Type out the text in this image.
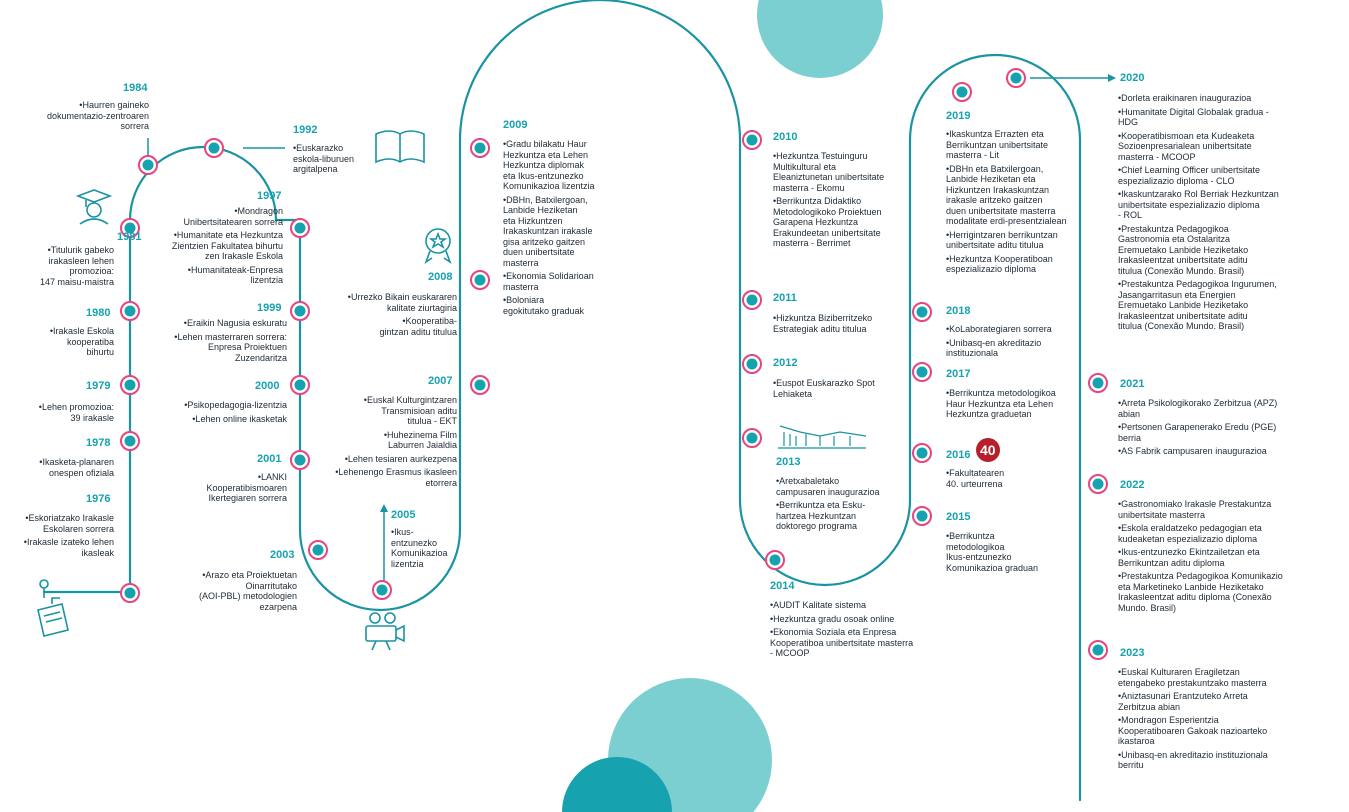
40
1984
•Haurren gaineko
dokumentazio-zentroaren
sorrera	1992
•Euskarazko
eskola-liburuen
argitalpena
1981
•Titulurik gabeko
irakasleen lehen
promozioa:
147 maisu-maistra
1997
•Mondragon
Unibertsitatearen sorrera
•Humanitate eta Hezkuntza
Zientzien Fakultatea bihurtu
zen Irakasle Eskola
•Humanitateak-Enpresa
lizentzia
1980
•Irakasle Eskola
kooperatiba
bihurtu
1999
•Eraikin Nagusia eskuratu
•Lehen masterraren sorrera:
Enpresa Proiektuen
Zuzendaritza
1979
•Lehen promozioa:
39 irakasle
2000
•Psikopedagogia-lizentzia
•Lehen online ikasketak
1978
•Ikasketa-planaren
onespen ofiziala
2001
•LANKI
Kooperatibismoaren
Ikertegiaren sorrera
1976
•Eskoriatzako Irakasle
Eskolaren sorrera
•Irakasle izateko lehen
ikasleak	2003
•Arazo eta Proiektuetan
Oinarritutako
(AOI-PBL) metodologien
ezarpena
2009
•Gradu bilakatu Haur
Hezkuntza eta Lehen
Hezkuntza diplomak
eta Ikus-entzunezko
Komunikazioa lizentzia
•DBHn, Batxilergoan,
Lanbide Heziketan
eta Hizkuntzen
Irakaskuntzan irakasle
gisa aritzeko gaitzen
duen unibertsitate
masterra
•Ekonomia Solidarioan
masterra
•Boloniara
egokitutako graduak
2008
•Urrezko Bikain euskararen
kalitate ziurtagiria
•Kooperatiba-
gintzan aditu titulua
2007
•Euskal Kulturgintzaren
Transmisioan aditu
titulua - EKT
•Huhezinema Film
Laburren Jaialdia
•Lehen tesiaren aurkezpena
•Lehenengo Erasmus ikasleen
etorrera
2005
•Ikus-
entzunezko
Komunikazioa
lizentzia
2010
•Hezkuntza Testuinguru
Multikultural eta
Eleaniztunetan unibertsitate
masterra - Ekomu
•Berrikuntza Didaktiko
Metodologikoko Proiektuen
Garapena Hezkuntza
Erakundeetan unibertsitate
masterra - Berrimet
2011
•Hizkuntza Biziberritzeko
Estrategiak aditu titulua
2012
•Euspot Euskarazko Spot
Lehiaketa
2013
•Aretxabaletako
campusaren inaugurazioa
•Berrikuntza eta Esku-
hartzea Hezkuntzan
doktorego programa
2014
•AUDIT Kalitate sistema
•Hezkuntza gradu osoak online
•Ekonomia Soziala eta Enpresa
Kooperatiboa unibertsitate masterra
- MCOOP
2019
•Ikaskuntza Errazten eta
Berrikuntzan unibertsitate
masterra - Lit
•DBHn eta Batxilergoan,
Lanbide Heziketan eta
Hizkuntzen Irakaskuntzan
irakasle aritzeko gaitzen
duen unibertsitate masterra
modalitate erdi-presentzialean
•Herrigintzaren berrikuntzan
unibertsitate aditu titulua
•Hezkuntza Kooperatiboan
espezializazio diploma
2018
•KoLaborategiaren sorrera
•Unibasq-en akreditazio
instituzionala
2017
•Berrikuntza metodologikoa
Haur Hezkuntza eta Lehen
Hezkuntza graduetan
2016
•Fakultatearen
40. urteurrena
2015
•Berrikuntza
metodologikoa
Ikus-entzunezko
Komunikazioa graduan
2020
•Dorleta eraikinaren inaugurazioa
•Humanitate Digital Globalak gradua -
HDG
•Kooperatibismoan eta Kudeaketa
Sozioenpresarialean unibertsitate
masterra - MCOOP
•Chief Learning Officer unibertsitate
espezializazio diploma - CLO
•Ikaskuntzarako Rol Berriak Hezkuntzan
unibertsitate espezializazio diploma
- ROL
•Prestakuntza Pedagogikoa
Gastronomia eta Ostalaritza
Eremuetako Lanbide Heziketako
Irakasleentzat unibertsitate aditu
titulua (Conexão Mundo. Brasil)
•Prestakuntza Pedagogikoa Ingurumen,
Jasangarritasun eta Energien
Eremuetako Lanbide Heziketako
Irakasleentzat unibertsitate aditu
titulua (Conexão Mundo. Brasil)
2021
•Arreta Psikologikorako Zerbitzua (APZ)
abian
•Pertsonen Garapenerako Eredu (PGE)
berria
•AS Fabrik campusaren inaugurazioa
2022
•Gastronomiako Irakasle Prestakuntza
unibertsitate masterra
•Eskola eraldatzeko pedagogian eta
kudeaketan espezializazio diploma
•Ikus-entzunezko Ekintzailetzan eta
Berrikuntzan aditu diploma
•Prestakuntza Pedagogikoa Komunikazio
eta Marketineko Lanbide Heziketako
Irakasleentzat aditu diploma (Conexão
Mundo. Brasil)
2023
•Euskal Kulturaren Eragiletzan
etengabeko prestakuntzako masterra
•Aniztasunari Erantzuteko Arreta
Zerbitzua abian
•Mondragon Esperientzia
Kooperatiboaren Gakoak nazioarteko
ikastaroa
•Unibasq-en akreditazio instituzionala
berritu
